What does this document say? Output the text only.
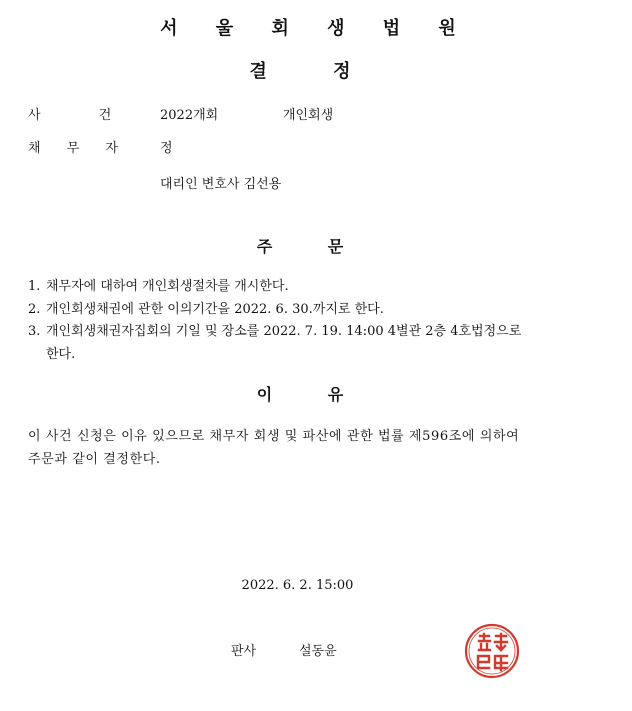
서 울 회 생 법 원
결 정
사 건	2022개회	개인회생
채 무 자	정
대리인 변호사 김선용
주 문
1. 채무자에 대하여 개인회생절차를 개시한다.
2. 개인회생채권에 관한 이의기간을 2022. 6. 30.까지로 한다.
3. 개인회생채권자집회의 기일 및 장소를 2022. 7. 19. 14:00 4별관 2층 4호법정으로
한다.
이 유
이 사건 신청은 이유 있으므로 채무자 회생 및 파산에 관한 법률 제596조에 의하여
주문과 같이 결정한다.
2022. 6. 2. 15:00
판사	설동윤
